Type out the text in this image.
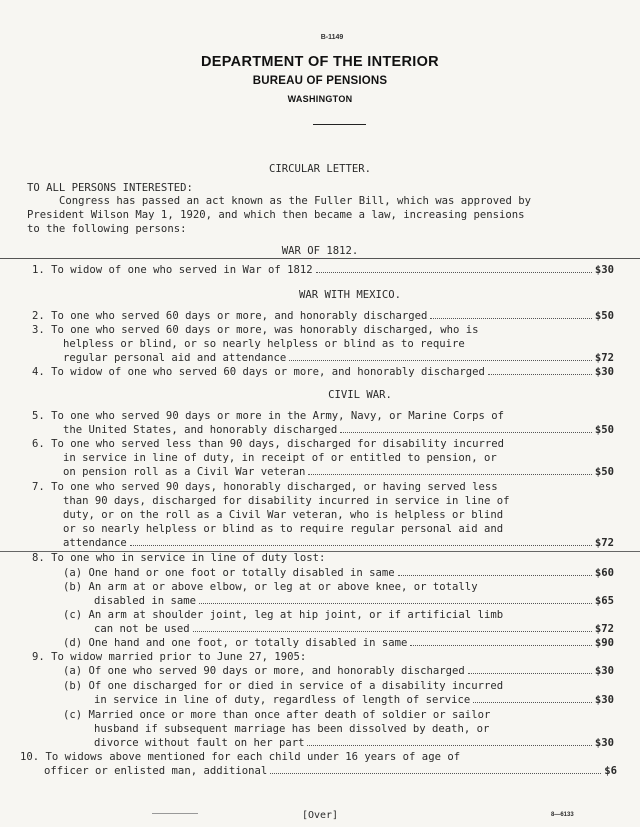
B-1149
DEPARTMENT OF THE INTERIOR
BUREAU OF PENSIONS
WASHINGTON
CIRCULAR LETTER.
TO ALL PERSONS INTERESTED:
Congress has passed an act known as the Fuller Bill, which was approved by
President Wilson May 1, 1920, and which then became a law, increasing pensions
to the following persons:
WAR OF 1812.
1. To widow of one who served in War of 1812	$30
WAR WITH MEXICO.
2. To one who served 60 days or more, and honorably discharged	$50
3. To one who served 60 days or more, was honorably discharged, who is
helpless or blind, or so nearly helpless or blind as to require
regular personal aid and attendance	$72
4. To widow of one who served 60 days or more, and honorably discharged	$30
CIVIL WAR.
5. To one who served 90 days or more in the Army, Navy, or Marine Corps of
the United States, and honorably discharged	$50
6. To one who served less than 90 days, discharged for disability incurred
in service in line of duty, in receipt of or entitled to pension, or
on pension roll as a Civil War veteran	$50
7. To one who served 90 days, honorably discharged, or having served less
than 90 days, discharged for disability incurred in service in line of
duty, or on the roll as a Civil War veteran, who is helpless or blind
or so nearly helpless or blind as to require regular personal aid and
attendance	$72
8. To one who in service in line of duty lost:
(a) One hand or one foot or totally disabled in same	$60
(b) An arm at or above elbow, or leg at or above knee, or totally
disabled in same	$65
(c) An arm at shoulder joint, leg at hip joint, or if artificial limb
can not be used	$72
(d) One hand and one foot, or totally disabled in same	$90
9. To widow married prior to June 27, 1905:
(a) Of one who served 90 days or more, and honorably discharged	$30
(b) Of one discharged for or died in service of a disability incurred
in service in line of duty, regardless of length of service	$30
(c) Married once or more than once after death of soldier or sailor
husband if subsequent marriage has been dissolved by death, or
divorce without fault on her part	$30
10. To widows above mentioned for each child under 16 years of age of
officer or enlisted man, additional	$6
[Over]	8—6133
